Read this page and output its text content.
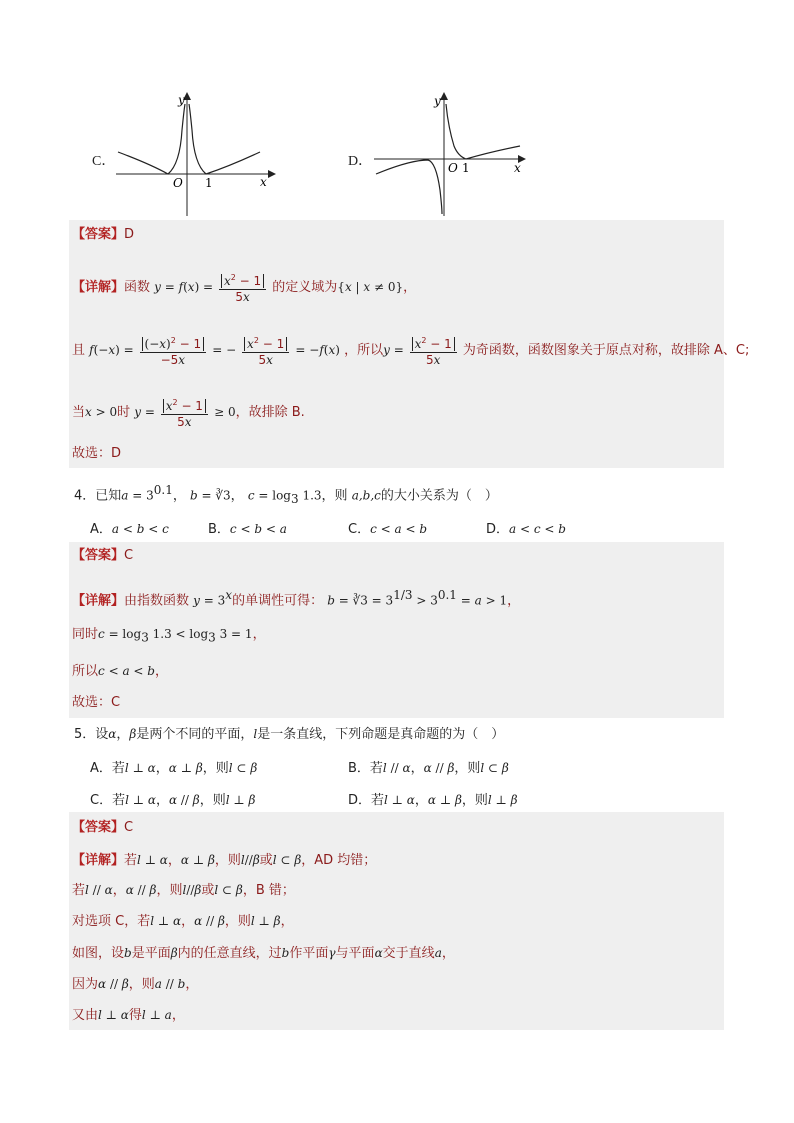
C．
y
x
O 1
D．
y
x
O 1
【答案】D
【详解】函数 $y = f(x) = \frac{x^2 - 1}{5x}$ 的定义域为{x | x ≠ 0}，
且 $f(-x) = \frac{(-x)^2 - 1}{-5x}$ = − $\frac{x^2 - 1}{5x} = -f(x)$ ，所以$y = \frac{x^2 - 1}{5x}$ 为奇函数，函数图象关于原点对称，故排除 A、C;
当x > 0时 $y = \frac{x^2 - 1}{5x} \ge 0$，故排除 B.
故选：D
4．已知$a = 3^{0.1}$， b = ∛3， $c = \log_3 1.3$，则 a,b,c的大小关系为（　）
A．a < b < c	B．c < b < a	C．c < a < b	D．a < c < b
【答案】C
【详解】由指数函数 $y = 3^x$的单调性可得： b = ∛3 = $3^{1/3} > 3^{0.1} = a > 1$，
同时$c = \log_3 1.3 < \log_3 3 = 1$，
所以c < a < b，
故选：C
5．设α，β是两个不同的平面，l是一条直线，下列命题是真命题的为（　）
A．若l ⊥ α，α ⊥ β，则l ⊂ β	B．若l // α，α // β，则l ⊂ β
C．若l ⊥ α，α // β，则l ⊥ β	D．若l ⊥ α，α ⊥ β，则l ⊥ β
【答案】C
【详解】若l ⊥ α，α ⊥ β，则l//β或l ⊂ β，AD 均错；
若l // α，α // β，则l//β或l ⊂ β，B 错；
对选项 C，若l ⊥ α，α // β，则l ⊥ β，
如图，设b是平面β内的任意直线，过b作平面γ与平面α交于直线a，
因为α // β，则a // b，
又由l ⊥ α得l ⊥ a，
